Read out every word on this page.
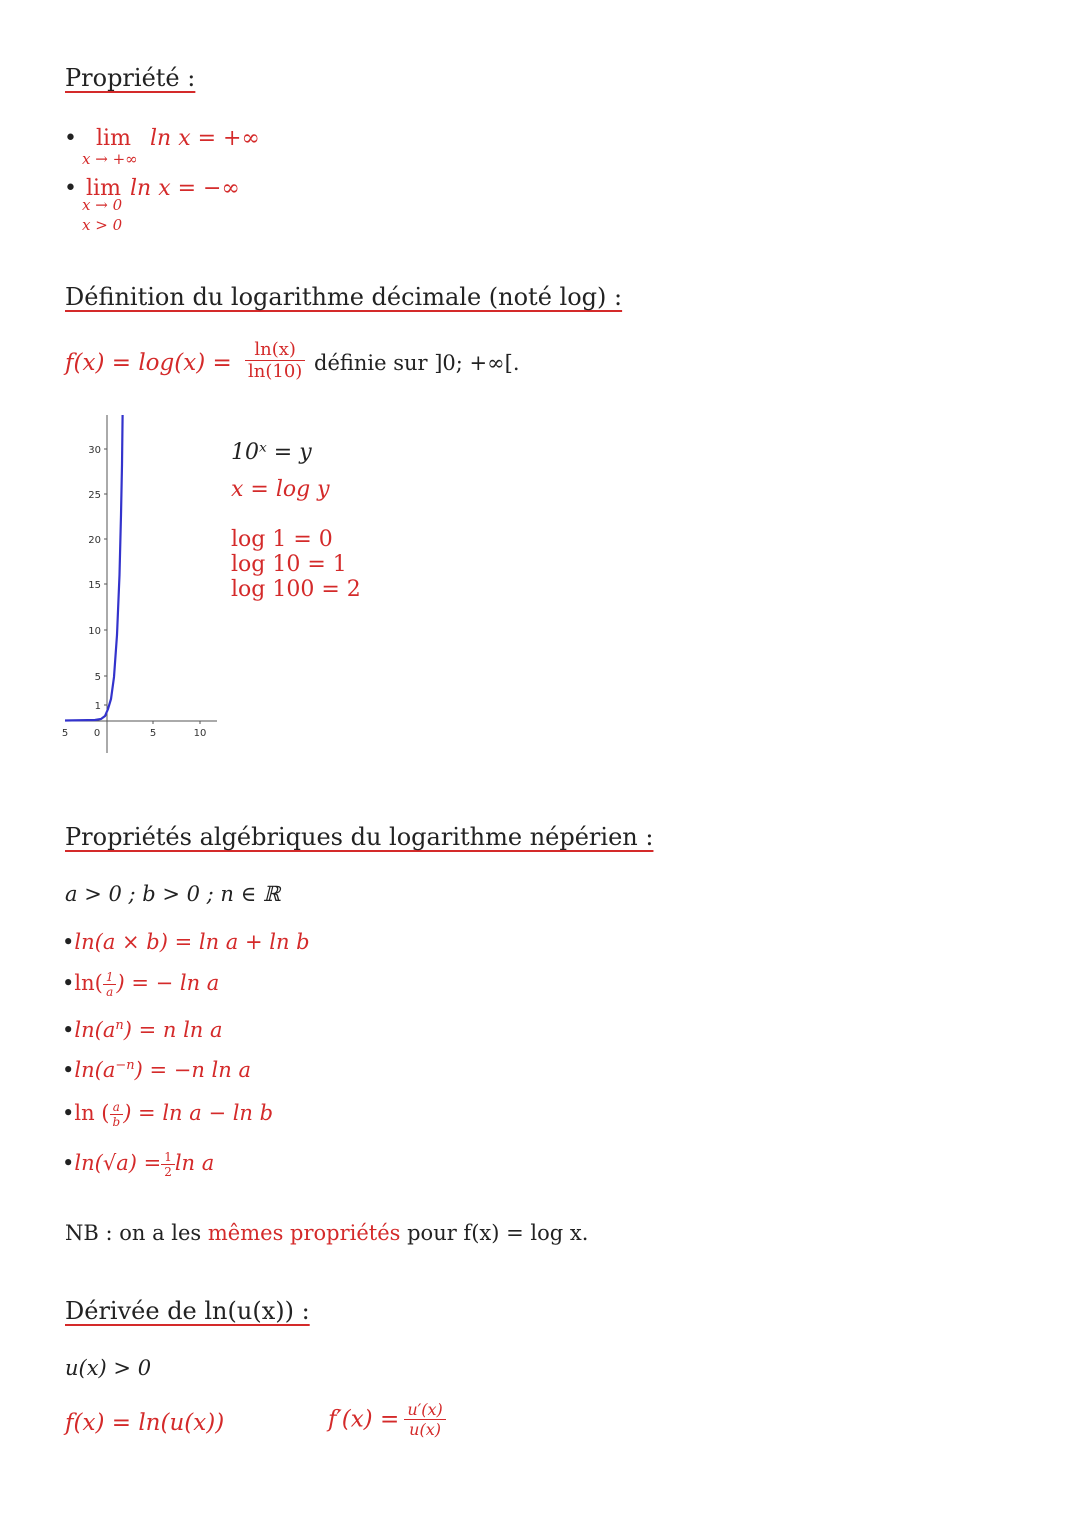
Propriété :
• lim
x → +∞
ln x = +∞
• lim
x → 0
x > 0
ln x = −∞
Définition du logarithme décimale (noté log) :
$f(x) = \log(x) = \frac{\ln(x)}{\ln(10)}$ définie sur ]0; +∞[.
30
25
20
15
10
5
1
5	0	5	10
10ˣ = y
x = log y
log 1 = 0
log 10 = 1
log 100 = 2
Propriétés algébriques du logarithme népérien :
a > 0 ; b > 0 ; n ∈ ℝ
•ln(a × b) = ln a + ln b
•ln( $\frac{1}{a}$ ) = − ln a
$•\ln(a^n) = n$ ln a
$•\ln(a^{-n}) = -n$ ln a
•ln ( $\frac{a}{b}$ ) = ln a − ln b
•ln(√a) = $\frac{1}{2}$ ln a
NB : on a les mêmes propriétés pour f(x) = log x.
Dérivée de ln(u(x)) :
u(x) > 0
f(x) = ln(u(x))	$f'(x) = \frac{u'(x)}{u(x)}$
